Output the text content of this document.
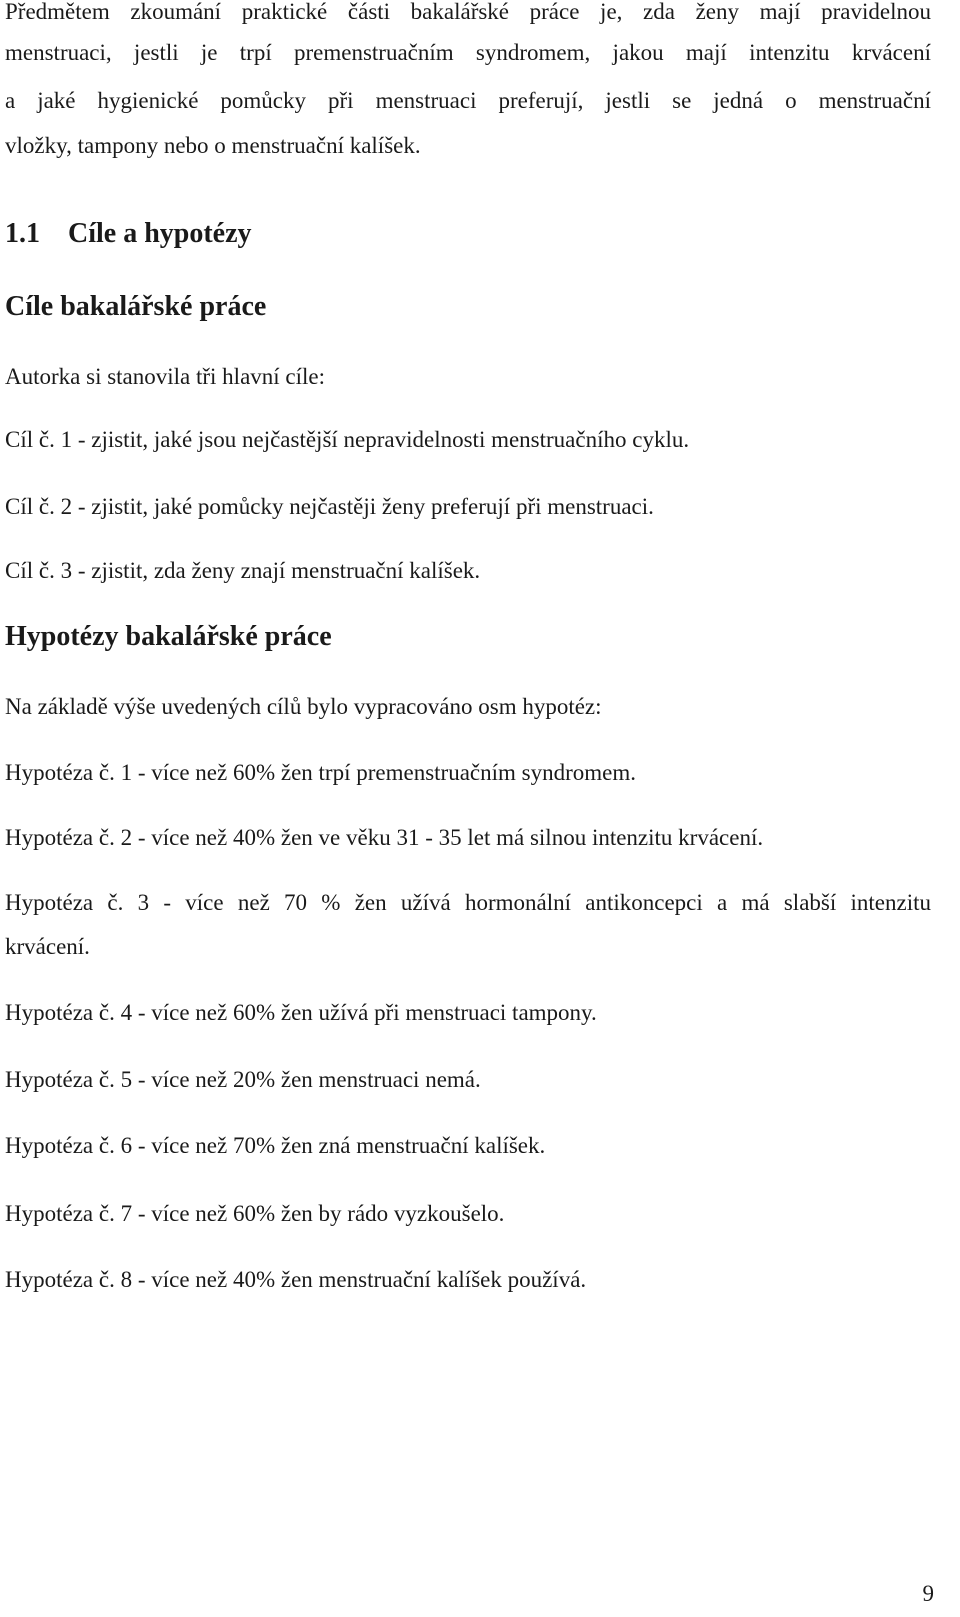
Předmětem zkoumání praktické části bakalářské práce je, zda ženy mají pravidelnou

menstruaci, jestli je trpí premenstruačním syndromem, jakou mají intenzitu krvácení

a jaké hygienické pomůcky při menstruaci preferují, jestli se jedná o menstruační

vložky, tampony nebo o menstruační kalíšek.

1.1 Cíle a hypotézy
Cíle bakalářské práce

Autorka si stanovila tři hlavní cíle:

Cíl č. 1 - zjistit, jaké jsou nejčastější nepravidelnosti menstruačního cyklu.

Cíl č. 2 - zjistit, jaké pomůcky nejčastěji ženy preferují při menstruaci.

Cíl č. 3 - zjistit, zda ženy znají menstruační kalíšek.

Hypotézy bakalářské práce

Na základě výše uvedených cílů bylo vypracováno osm hypotéz:

Hypotéza č. 1 - více než 60% žen trpí premenstruačním syndromem.

Hypotéza č. 2 - více než 40% žen ve věku 31 - 35 let má silnou intenzitu krvácení.

Hypotéza č. 3 - více než 70 % žen užívá hormonální antikoncepci a má slabší intenzitu

krvácení.

Hypotéza č. 4 - více než 60% žen užívá při menstruaci tampony.

Hypotéza č. 5 - více než 20% žen menstruaci nemá.

Hypotéza č. 6 - více než 70% žen zná menstruační kalíšek.

Hypotéza č. 7 - více než 60% žen by rádo vyzkoušelo.

Hypotéza č. 8 - více než 40% žen menstruační kalíšek používá.

9
